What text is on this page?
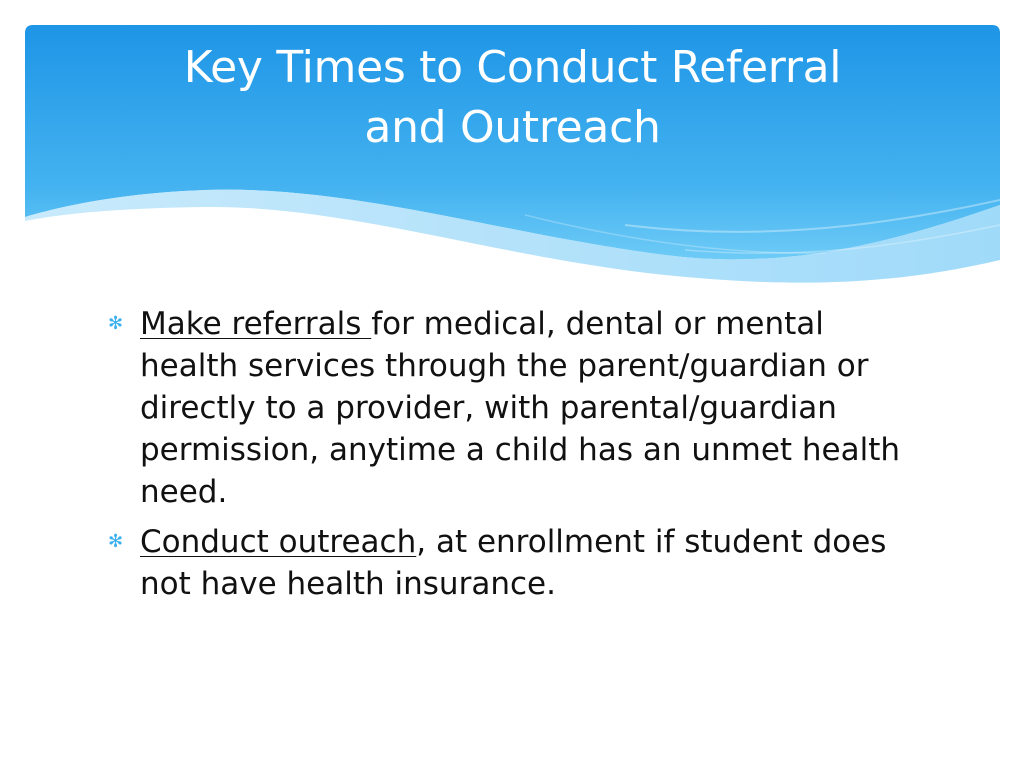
Key Times to Conduct Referral
and Outreach
✻ Make referrals for medical, dental or mental health services through the parent/guardian or directly to a provider, with parental/guardian permission, anytime a child has an unmet health need.
✻ Conduct outreach, at enrollment if student does not have health insurance.
